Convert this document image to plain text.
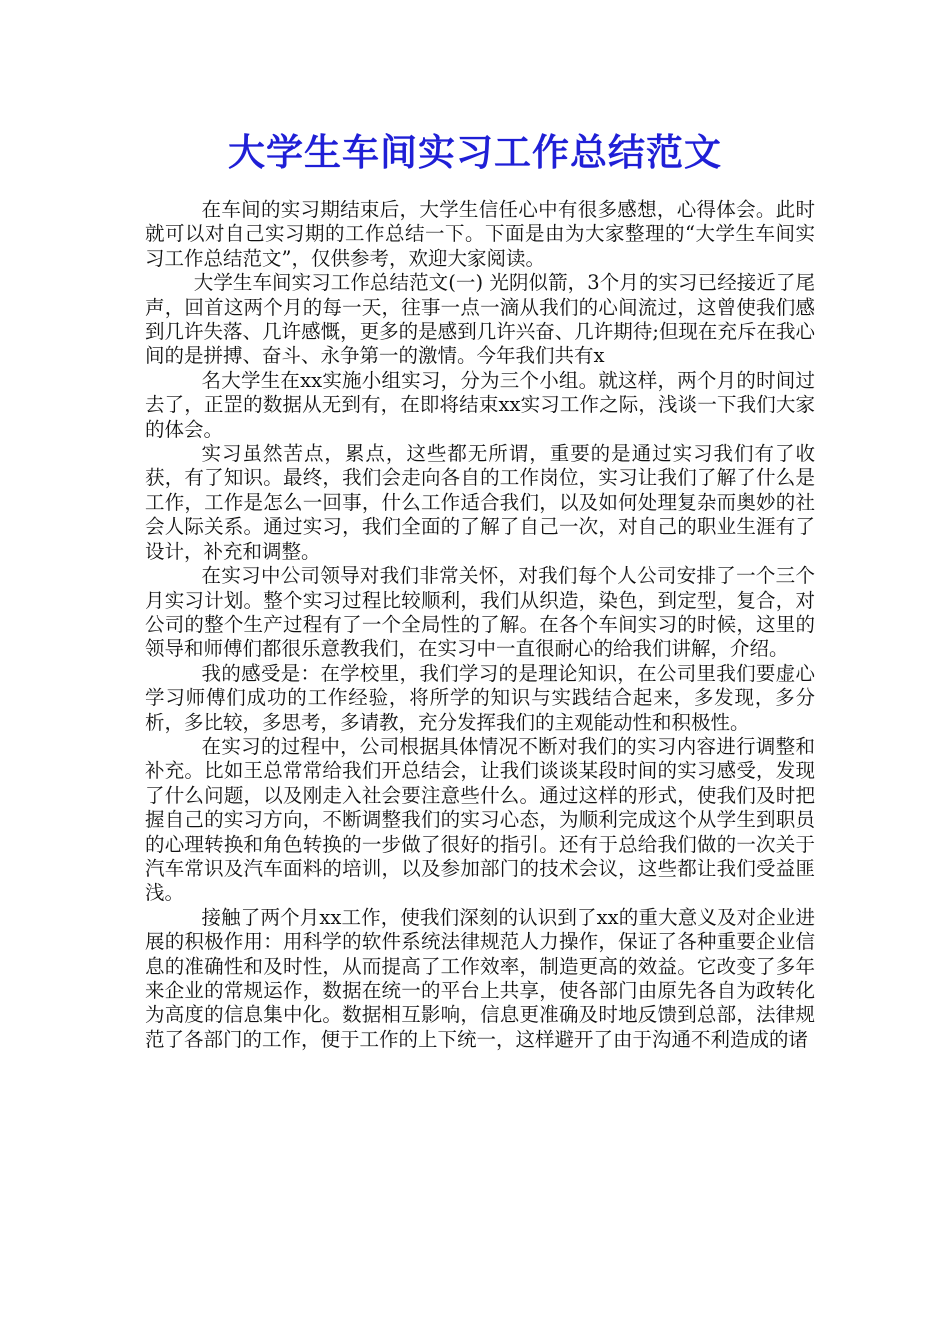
大学生车间实习工作总结范文

在车间的实习期结束后，大学生信任心中有很多感想，心得体会。此时就可以对自己实习期的工作总结一下。下面是由为大家整理的“大学生车间实习工作总结范文”，仅供参考，欢迎大家阅读。

大学生车间实习工作总结范文(一) 光阴似箭，3个月的实习已经接近了尾声，回首这两个月的每一天，往事一点一滴从我们的心间流过，这曾使我们感到几许失落、几许感慨，更多的是感到几许兴奋、几许期待;但现在充斥在我心间的是拼搏、奋斗、永争第一的激情。今年我们共有x

名大学生在xx实施小组实习，分为三个小组。就这样，两个月的时间过去了，正罡的数据从无到有，在即将结束xx实习工作之际，浅谈一下我们大家的体会。

实习虽然苦点，累点，这些都无所谓，重要的是通过实习我们有了收获，有了知识。最终，我们会走向各自的工作岗位，实习让我们了解了什么是工作，工作是怎么一回事，什么工作适合我们，以及如何处理复杂而奥妙的社会人际关系。通过实习，我们全面的了解了自己一次，对自己的职业生涯有了设计，补充和调整。

在实习中公司领导对我们非常关怀，对我们每个人公司安排了一个三个月实习计划。整个实习过程比较顺利，我们从织造，染色，到定型，复合，对公司的整个生产过程有了一个全局性的了解。在各个车间实习的时候，这里的领导和师傅们都很乐意教我们，在实习中一直很耐心的给我们讲解，介绍。

我的感受是：在学校里，我们学习的是理论知识，在公司里我们要虚心学习师傅们成功的工作经验，将所学的知识与实践结合起来，多发现，多分析，多比较，多思考，多请教，充分发挥我们的主观能动性和积极性。

在实习的过程中，公司根据具体情况不断对我们的实习内容进行调整和补充。比如王总常常给我们开总结会，让我们谈谈某段时间的实习感受，发现了什么问题，以及刚走入社会要注意些什么。通过这样的形式，使我们及时把握自己的实习方向，不断调整我们的实习心态，为顺利完成这个从学生到职员的心理转换和角色转换的一步做了很好的指引。还有于总给我们做的一次关于汽车常识及汽车面料的培训，以及参加部门的技术会议，这些都让我们受益匪浅。

接触了两个月xx工作，使我们深刻的认识到了xx的重大意义及对企业进展的积极作用：用科学的软件系统法律规范人力操作，保证了各种重要企业信息的准确性和及时性，从而提高了工作效率，制造更高的效益。它改变了多年来企业的常规运作，数据在统一的平台上共享，使各部门由原先各自为政转化为高度的信息集中化。数据相互影响，信息更准确及时地反馈到总部，法律规范了各部门的工作，便于工作的上下统一，这样避开了由于沟通不利造成的诸
